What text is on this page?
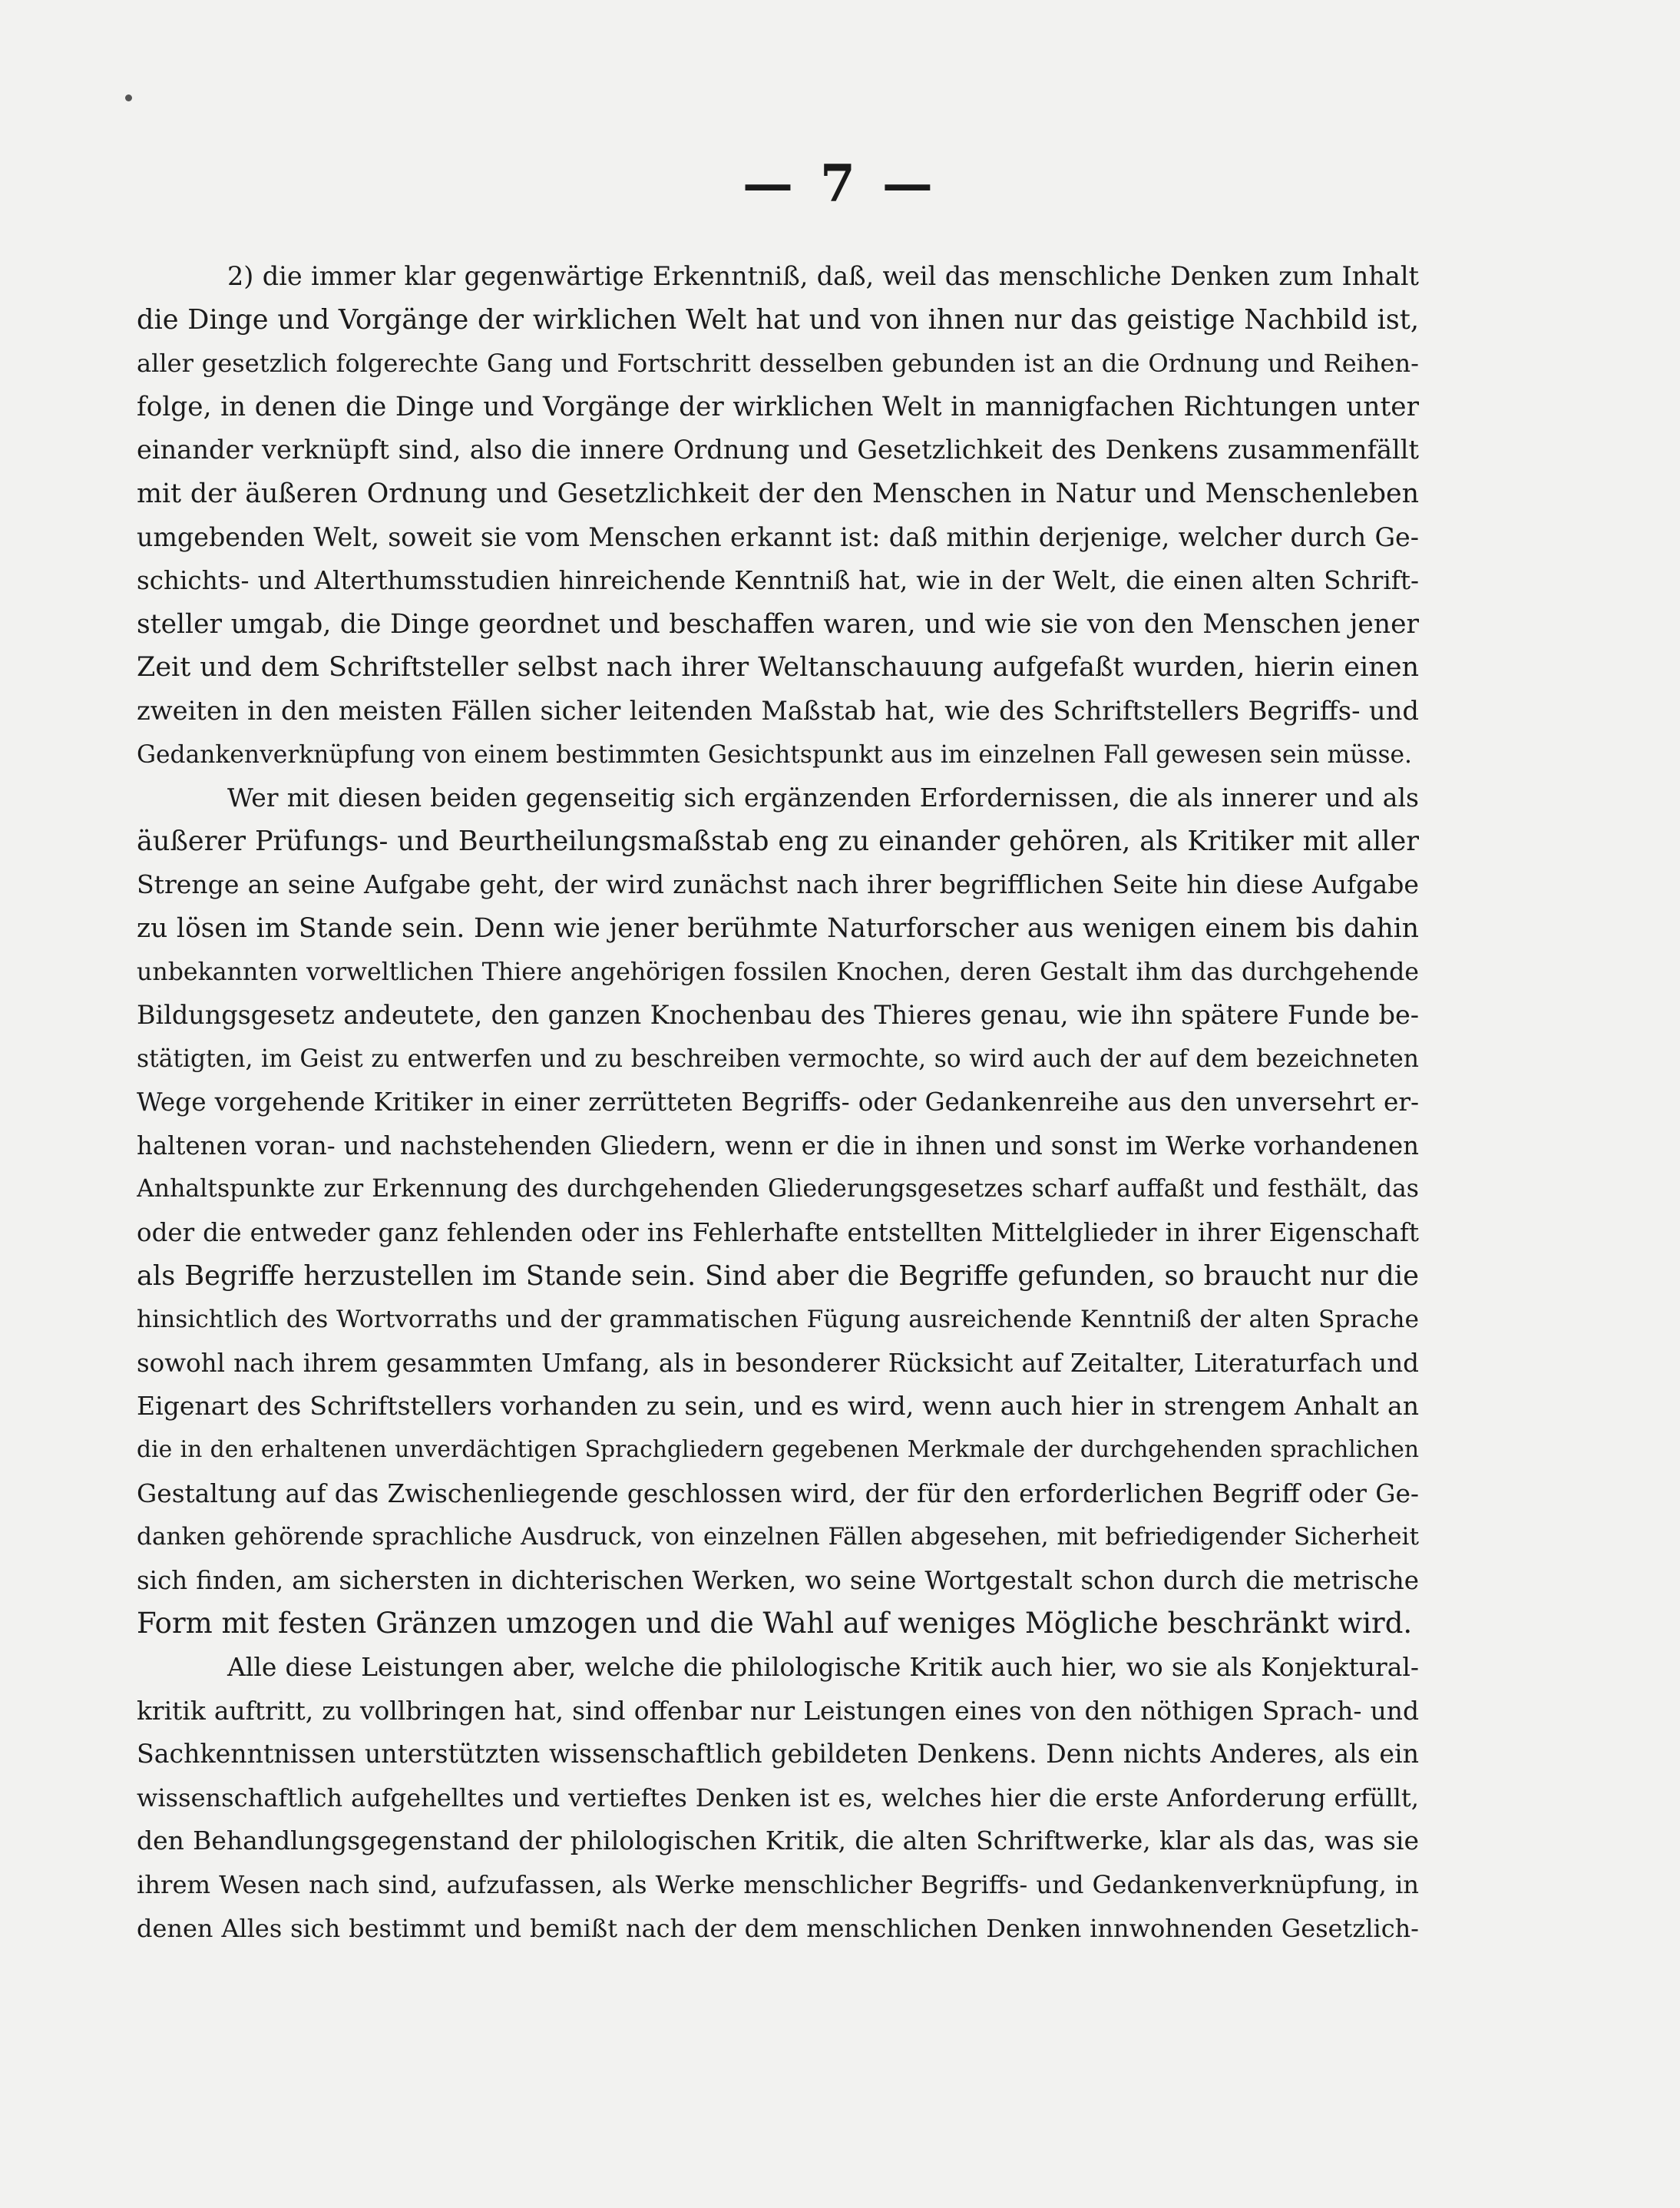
— 7 —
2) die immer klar gegenwärtige Erkenntniß, daß, weil das menschliche Denken zum Inhalt
die Dinge und Vorgänge der wirklichen Welt hat und von ihnen nur das geistige Nachbild ist,
aller gesetzlich folgerechte Gang und Fortschritt desselben gebunden ist an die Ordnung und Reihen-
folge, in denen die Dinge und Vorgänge der wirklichen Welt in mannigfachen Richtungen unter
einander verknüpft sind, also die innere Ordnung und Gesetzlichkeit des Denkens zusammenfällt
mit der äußeren Ordnung und Gesetzlichkeit der den Menschen in Natur und Menschenleben
umgebenden Welt, soweit sie vom Menschen erkannt ist: daß mithin derjenige, welcher durch Ge-
schichts- und Alterthumsstudien hinreichende Kenntniß hat, wie in der Welt, die einen alten Schrift-
steller umgab, die Dinge geordnet und beschaffen waren, und wie sie von den Menschen jener
Zeit und dem Schriftsteller selbst nach ihrer Weltanschauung aufgefaßt wurden, hierin einen
zweiten in den meisten Fällen sicher leitenden Maßstab hat, wie des Schriftstellers Begriffs- und
Gedankenverknüpfung von einem bestimmten Gesichtspunkt aus im einzelnen Fall gewesen sein müsse.
Wer mit diesen beiden gegenseitig sich ergänzenden Erfordernissen, die als innerer und als
äußerer Prüfungs- und Beurtheilungsmaßstab eng zu einander gehören, als Kritiker mit aller
Strenge an seine Aufgabe geht, der wird zunächst nach ihrer begrifflichen Seite hin diese Aufgabe
zu lösen im Stande sein. Denn wie jener berühmte Naturforscher aus wenigen einem bis dahin
unbekannten vorweltlichen Thiere angehörigen fossilen Knochen, deren Gestalt ihm das durchgehende
Bildungsgesetz andeutete, den ganzen Knochenbau des Thieres genau, wie ihn spätere Funde be-
stätigten, im Geist zu entwerfen und zu beschreiben vermochte, so wird auch der auf dem bezeichneten
Wege vorgehende Kritiker in einer zerrütteten Begriffs- oder Gedankenreihe aus den unversehrt er-
haltenen voran- und nachstehenden Gliedern, wenn er die in ihnen und sonst im Werke vorhandenen
Anhaltspunkte zur Erkennung des durchgehenden Gliederungsgesetzes scharf auffaßt und festhält, das
oder die entweder ganz fehlenden oder ins Fehlerhafte entstellten Mittelglieder in ihrer Eigenschaft
als Begriffe herzustellen im Stande sein. Sind aber die Begriffe gefunden, so braucht nur die
hinsichtlich des Wortvorraths und der grammatischen Fügung ausreichende Kenntniß der alten Sprache
sowohl nach ihrem gesammten Umfang, als in besonderer Rücksicht auf Zeitalter, Literaturfach und
Eigenart des Schriftstellers vorhanden zu sein, und es wird, wenn auch hier in strengem Anhalt an
die in den erhaltenen unverdächtigen Sprachgliedern gegebenen Merkmale der durchgehenden sprachlichen
Gestaltung auf das Zwischenliegende geschlossen wird, der für den erforderlichen Begriff oder Ge-
danken gehörende sprachliche Ausdruck, von einzelnen Fällen abgesehen, mit befriedigender Sicherheit
sich finden, am sichersten in dichterischen Werken, wo seine Wortgestalt schon durch die metrische
Form mit festen Gränzen umzogen und die Wahl auf weniges Mögliche beschränkt wird.
Alle diese Leistungen aber, welche die philologische Kritik auch hier, wo sie als Konjektural-
kritik auftritt, zu vollbringen hat, sind offenbar nur Leistungen eines von den nöthigen Sprach- und
Sachkenntnissen unterstützten wissenschaftlich gebildeten Denkens. Denn nichts Anderes, als ein
wissenschaftlich aufgehelltes und vertieftes Denken ist es, welches hier die erste Anforderung erfüllt,
den Behandlungsgegenstand der philologischen Kritik, die alten Schriftwerke, klar als das, was sie
ihrem Wesen nach sind, aufzufassen, als Werke menschlicher Begriffs- und Gedankenverknüpfung, in
denen Alles sich bestimmt und bemißt nach der dem menschlichen Denken innwohnenden Gesetzlich-
